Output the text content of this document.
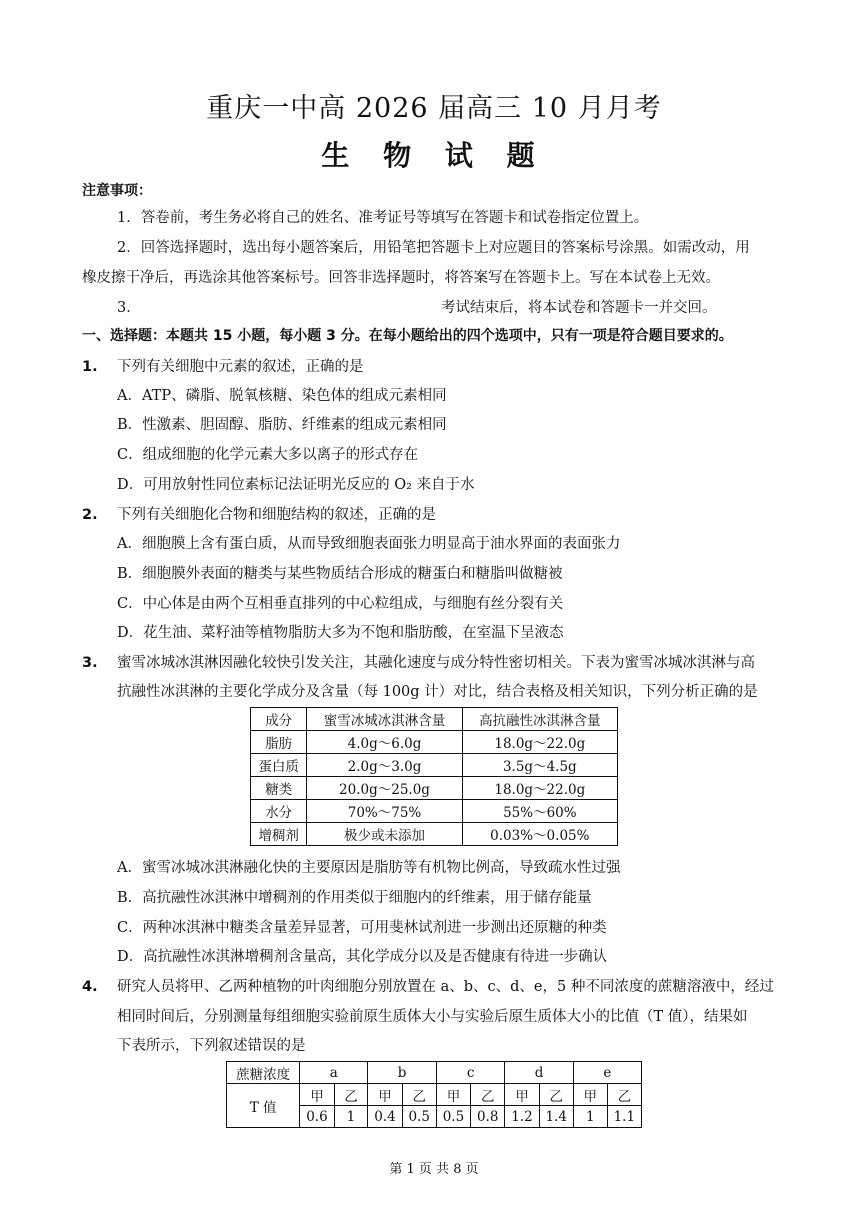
重庆一中高 2026 届高三 10 月月考
生 物 试 题
注意事项：
1．答卷前，考生务必将自己的姓名、准考证号等填写在答题卡和试卷指定位置上。
2．回答选择题时，选出每小题答案后，用铅笔把答题卡上对应题目的答案标号涂黑。如需改动，用
橡皮擦干净后，再选涂其他答案标号。回答非选择题时，将答案写在答题卡上。写在本试卷上无效。
3．	考试结束后，将本试卷和答题卡一并交回。
一、选择题：本题共 15 小题，每小题 3 分。在每小题给出的四个选项中，只有一项是符合题目要求的。
1. 下列有关细胞中元素的叙述，正确的是
A．ATP、磷脂、脱氧核糖、染色体的组成元素相同
B．性激素、胆固醇、脂肪、纤维素的组成元素相同
C．组成细胞的化学元素大多以离子的形式存在
D．可用放射性同位素标记法证明光反应的 O₂ 来自于水
2. 下列有关细胞化合物和细胞结构的叙述，正确的是
A．细胞膜上含有蛋白质，从而导致细胞表面张力明显高于油水界面的表面张力
B．细胞膜外表面的糖类与某些物质结合形成的糖蛋白和糖脂叫做糖被
C．中心体是由两个互相垂直排列的中心粒组成，与细胞有丝分裂有关
D．花生油、菜籽油等植物脂肪大多为不饱和脂肪酸，在室温下呈液态
3. 蜜雪冰城冰淇淋因融化较快引发关注，其融化速度与成分特性密切相关。下表为蜜雪冰城冰淇淋与高
抗融性冰淇淋的主要化学成分及含量（每 100g 计）对比，结合表格及相关知识，下列分析正确的是
成分	蜜雪冰城冰淇淋含量	高抗融性冰淇淋含量
脂肪	4.0g～6.0g	18.0g～22.0g
蛋白质	2.0g～3.0g	3.5g～4.5g
糖类	20.0g～25.0g	18.0g～22.0g
水分	70%～75%	55%～60%
增稠剂	极少或未添加	0.03%～0.05%
A．蜜雪冰城冰淇淋融化快的主要原因是脂肪等有机物比例高，导致疏水性过强
B．高抗融性冰淇淋中增稠剂的作用类似于细胞内的纤维素，用于储存能量
C．两种冰淇淋中糖类含量差异显著，可用斐林试剂进一步测出还原糖的种类
D．高抗融性冰淇淋增稠剂含量高，其化学成分以及是否健康有待进一步确认
4. 研究人员将甲、乙两种植物的叶肉细胞分别放置在 a、b、c、d、e，5 种不同浓度的蔗糖溶液中，经过
相同时间后，分别测量每组细胞实验前原生质体大小与实验后原生质体大小的比值（T 值），结果如
下表所示，下列叙述错误的是
蔗糖浓度	a		b		c		d		e	
T 值	甲	乙	甲	乙	甲	乙	甲	乙	甲	乙
	0.6	1	0.4	0.5	0.5	0.8	1.2	1.4	1	1.1
第 1 页 共 8 页
